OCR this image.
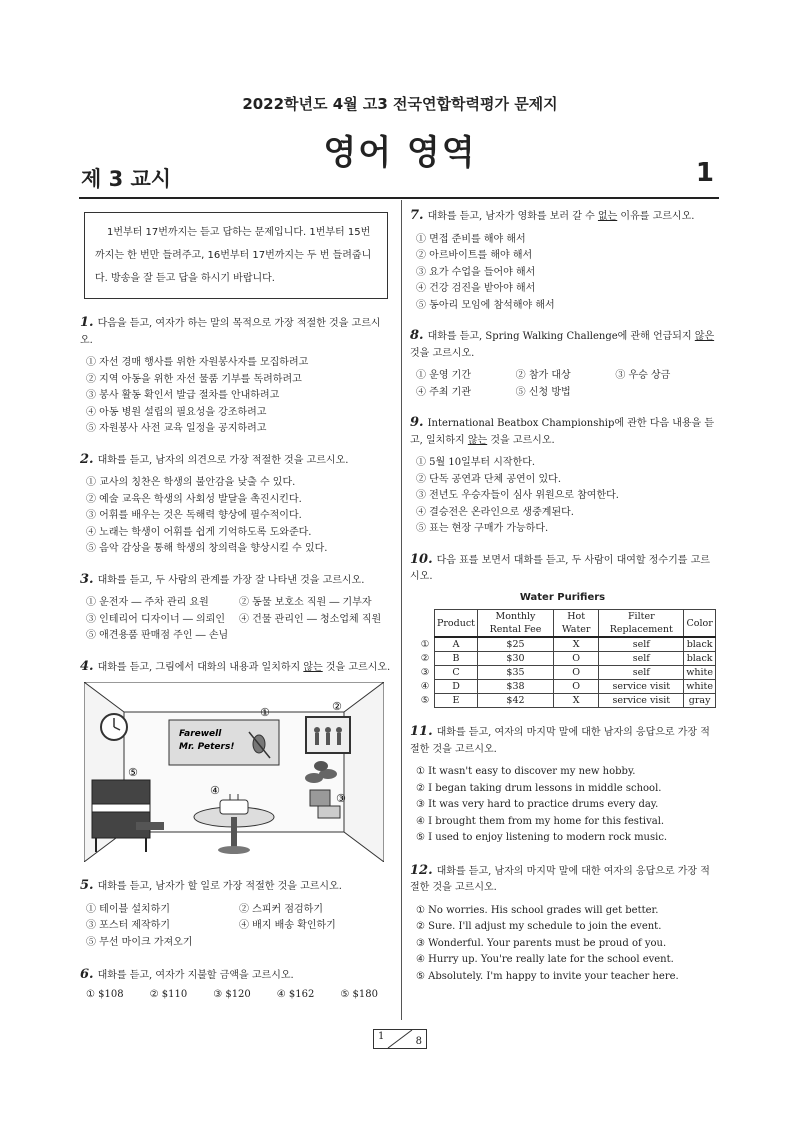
2022학년도 4월 고3 전국연합학력평가 문제지
영어 영역
제 3 교시	1
1번부터 17번까지는 듣고 답하는 문제입니다. 1번부터 15번까지는 한 번만 들려주고, 16번부터 17번까지는 두 번 들려줍니다. 방송을 잘 듣고 답을 하시기 바랍니다.
1. 다음을 듣고, 여자가 하는 말의 목적으로 가장 적절한 것을 고르시오.
① 자선 경매 행사를 위한 자원봉사자를 모집하려고
② 지역 아동을 위한 자선 물품 기부를 독려하려고
③ 봉사 활동 확인서 발급 절차를 안내하려고
④ 아동 병원 설립의 필요성을 강조하려고
⑤ 자원봉사 사전 교육 일정을 공지하려고
2. 대화를 듣고, 남자의 의견으로 가장 적절한 것을 고르시오.
① 교사의 칭찬은 학생의 불안감을 낮출 수 있다.
② 예술 교육은 학생의 사회성 발달을 촉진시킨다.
③ 어휘를 배우는 것은 독해력 향상에 필수적이다.
④ 노래는 학생이 어휘를 쉽게 기억하도록 도와준다.
⑤ 음악 감상을 통해 학생의 창의력을 향상시킬 수 있다.
3. 대화를 듣고, 두 사람의 관계를 가장 잘 나타낸 것을 고르시오.
① 운전자 ― 주차 관리 요원	② 동물 보호소 직원 ― 기부자
③ 인테리어 디자이너 ― 의뢰인	④ 건물 관리인 ― 청소업체 직원
⑤ 애견용품 판매점 주인 ― 손님
4. 대화를 듣고, 그림에서 대화의 내용과 일치하지 않는 것을 고르시오.
Farewell
Mr. Peters!
①	②
③
④
⑤
5. 대화를 듣고, 남자가 할 일로 가장 적절한 것을 고르시오.
① 테이블 설치하기	② 스피커 점검하기
③ 포스터 제작하기	④ 배지 배송 확인하기
⑤ 무선 마이크 가져오기
6. 대화를 듣고, 여자가 지불할 금액을 고르시오.
① $108	② $110	③ $120	④ $162	⑤ $180
7. 대화를 듣고, 남자가 영화를 보러 갈 수 없는 이유를 고르시오.
① 면접 준비를 해야 해서
② 아르바이트를 해야 해서
③ 요가 수업을 들어야 해서
④ 건강 검진을 받아야 해서
⑤ 동아리 모임에 참석해야 해서
8. 대화를 듣고, Spring Walking Challenge에 관해 언급되지 않은 것을 고르시오.
① 운영 기간	② 참가 대상	③ 우승 상금
④ 주최 기관	⑤ 신청 방법
9. International Beatbox Championship에 관한 다음 내용을 듣고, 일치하지 않는 것을 고르시오.
① 5월 10일부터 시작한다.
② 단독 공연과 단체 공연이 있다.
③ 전년도 우승자들이 심사 위원으로 참여한다.
④ 결승전은 온라인으로 생중계된다.
⑤ 표는 현장 구매가 가능하다.
10. 다음 표를 보면서 대화를 듣고, 두 사람이 대여할 정수기를 고르시오.
Water Purifiers
	Product	Monthly Rental Fee	Hot Water	Filter Replacement	Color
①	A	$25	X	self	black
②	B	$30	O	self	black
③	C	$35	O	self	white
④	D	$38	O	service visit	white
⑤	E	$42	X	service visit	gray
11. 대화를 듣고, 여자의 마지막 말에 대한 남자의 응답으로 가장 적절한 것을 고르시오.
① It wasn't easy to discover my new hobby.
② I began taking drum lessons in middle school.
③ It was very hard to practice drums every day.
④ I brought them from my home for this festival.
⑤ I used to enjoy listening to modern rock music.
12. 대화를 듣고, 남자의 마지막 말에 대한 여자의 응답으로 가장 적절한 것을 고르시오.
① No worries. His school grades will get better.
② Sure. I'll adjust my schedule to join the event.
③ Wonderful. Your parents must be proud of you.
④ Hurry up. You're really late for the school event.
⑤ Absolutely. I'm happy to invite your teacher here.
1	8
